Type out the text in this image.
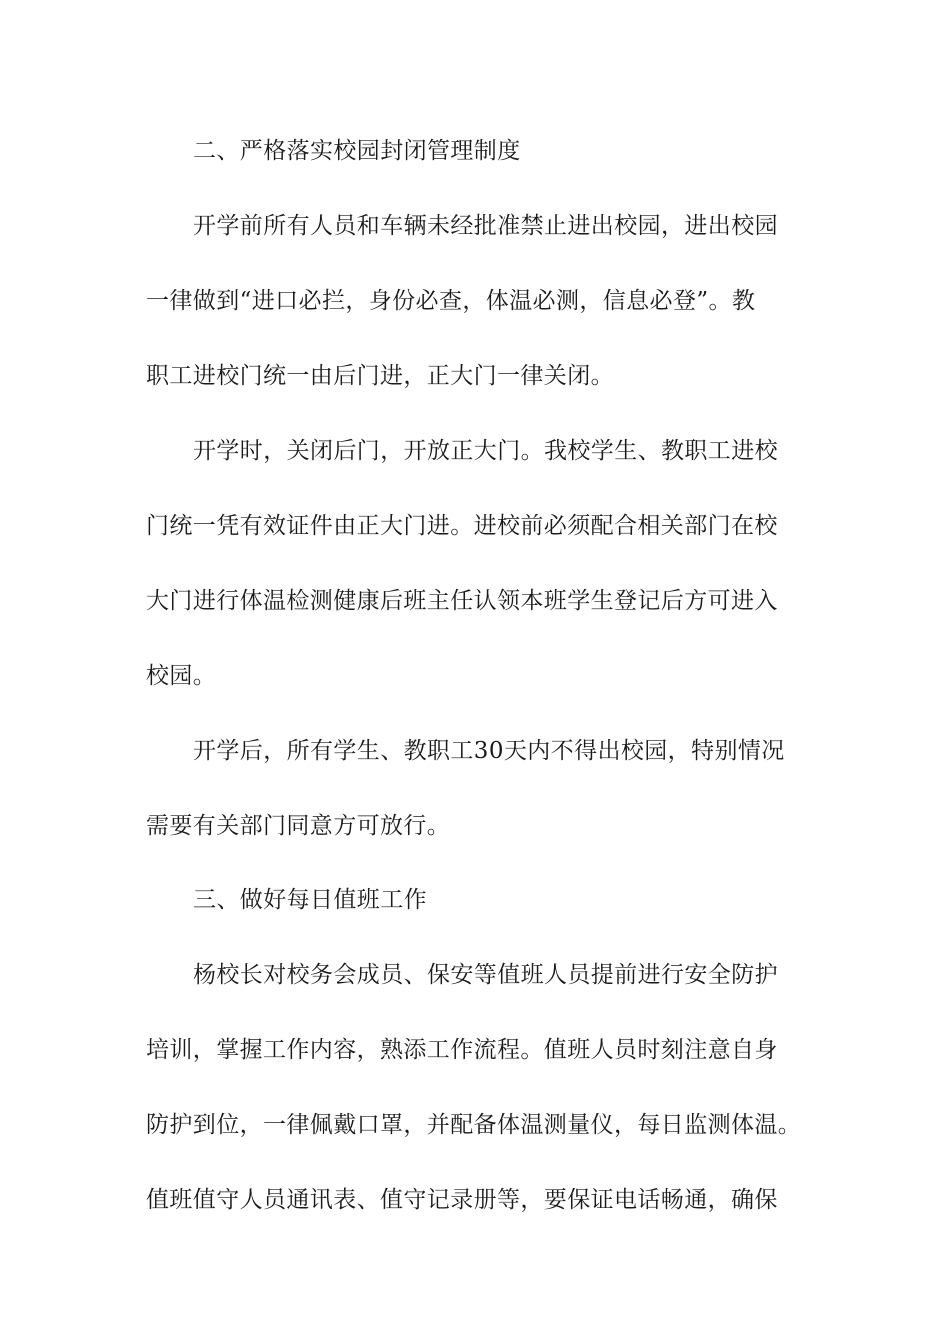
二、严格落实校园封闭管理制度
开学前所有人员和车辆未经批准禁止进出校园，进出校园
一律做到“进口必拦，身份必查，体温必测，信息必登”。教
职工进校门统一由后门进，正大门一律关闭。
开学时，关闭后门，开放正大门。我校学生、教职工进校
门统一凭有效证件由正大门进。进校前必须配合相关部门在校
大门进行体温检测健康后班主任认领本班学生登记后方可进入
校园。
开学后，所有学生、教职工30天内不得出校园，特别情况
需要有关部门同意方可放行。
三、做好每日值班工作
杨校长对校务会成员、保安等值班人员提前进行安全防护
培训，掌握工作内容，熟添工作流程。值班人员时刻注意自身
防护到位，一律佩戴口罩，并配备体温测量仪，每日监测体温。
值班值守人员通讯表、值守记录册等，要保证电话畅通，确保
